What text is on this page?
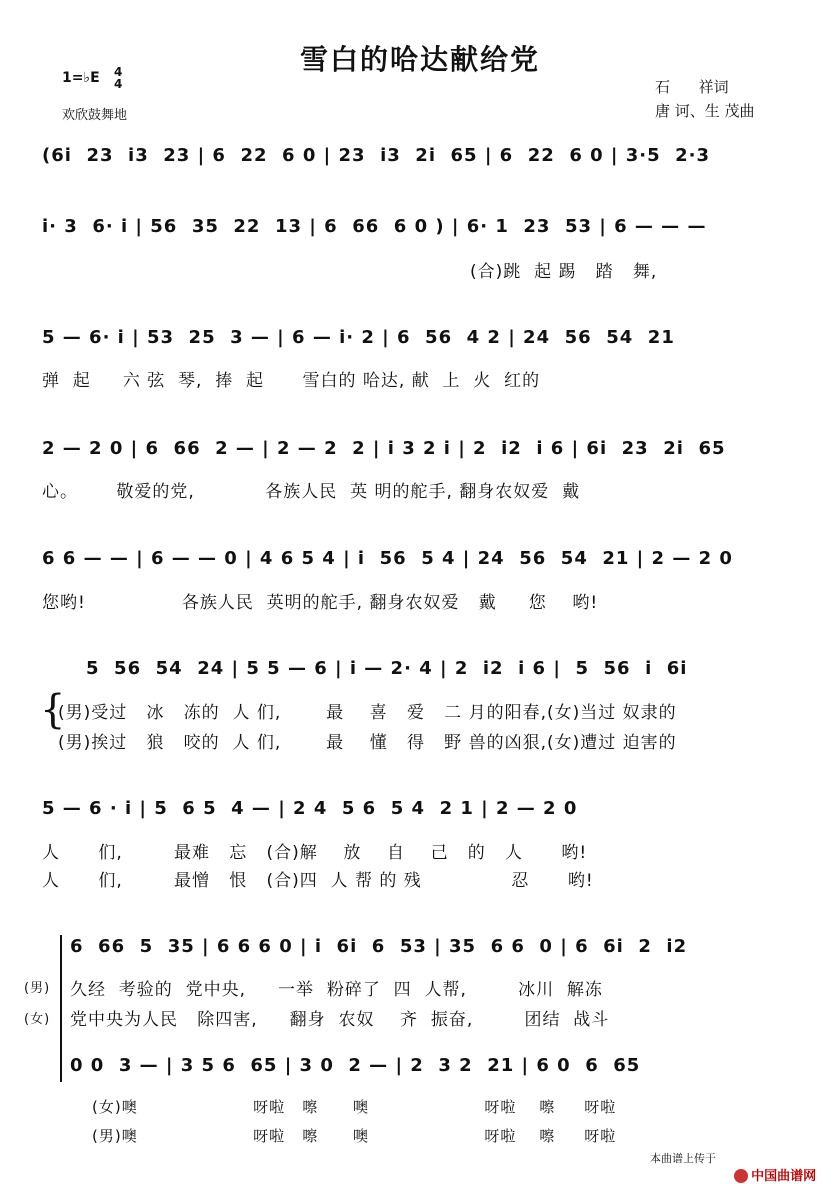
雪白的哈达献给党
1=♭E 4
4
欢欣鼓舞地
石      祥词
唐 诃、生 茂曲
(6i  23  i3  23 | 6  22  6 0 | 23  i3  2i  65 | 6  22  6 0 | 3·5  2·3
i· 3  6· i | 56  35  22  13 | 6  66  6 0 ) | 6· 1  23  53 | 6 — — —
(合)跳  起 踢   踏   舞,
5 — 6· i | 53  25  3 — | 6 — i· 2 | 6  56  4 2 | 24  56  54  21
弹  起     六 弦  琴,  捧  起      雪白的 哈达, 献  上  火  红的
2 — 2 0 | 6  66  2 — | 2 — 2  2 | i 3 2 i | 2  i2  i 6 | 6i  23  2i  65
心。      敬爱的党,           各族人民  英 明的舵手, 翻身农奴爱  戴
6 6 — — | 6 — — 0 | 4 6 5 4 | i  56  5 4 | 24  56  54  21 | 2 — 2 0
您哟!               各族人民  英明的舵手, 翻身农奴爱   戴     您    哟!
5  56  54  24 | 5 5 — 6 | i — 2· 4 | 2  i2  i 6 |  5  56  i  6i
{
(男)受过   冰   冻的  人 们,       最    喜   爱   二 月的阳春,(女)当过 奴隶的
(男)挨过   狼   咬的  人 们,       最    懂   得   野 兽的凶狠,(女)遭过 迫害的
5 — 6 · i | 5  6 5  4 — | 2 4  5 6  5 4  2 1 | 2 — 2 0
人      们,        最难   忘   (合)解    放    自    己   的   人      哟!
人      们,        最憎   恨   (合)四  人 帮 的 残              忍      哟!
6  66  5  35 | 6 6 6 0 | i  6i  6  53 | 35  6 6  0 | 6  6i  2  i2
(男)
(女)
久经  考验的  党中央,     一举  粉碎了  四  人帮,        冰川  解冻
党中央为人民   除四害,     翻身  农奴    齐  振奋,        团结  战斗
0 0  3 — | 3 5 6  65 | 3 0  2 — | 2  3 2  21 | 6 0  6  65
(女)噢                    呀啦   嚓      噢                    呀啦    嚓     呀啦
(男)噢                    呀啦   嚓      噢                    呀啦    嚓     呀啦
本曲谱上传于

中国曲谱网
